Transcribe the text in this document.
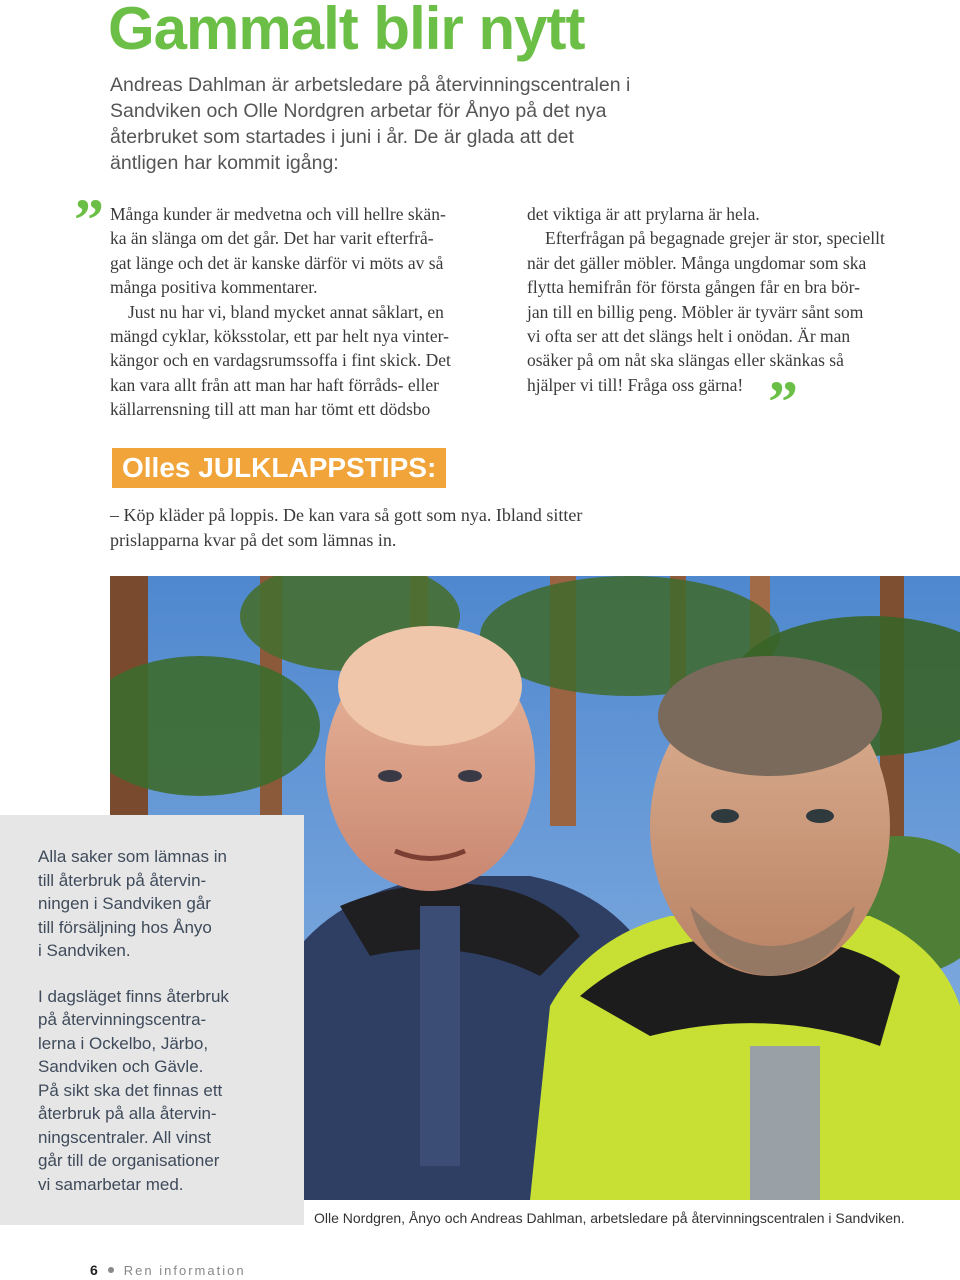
Gammalt blir nytt
Andreas Dahlman är arbetsledare på återvinningscentralen i
Sandviken och Olle Nordgren arbetar för Ånyo på det nya
återbruket som startades i juni i år. De är glada att det
äntligen har kommit igång:
” Många kunder är medvetna och vill hellre skän-
ka än slänga om det går. Det har varit efterfrå-
gat länge och det är kanske därför vi möts av så
många positiva kommentarer.
Just nu har vi, bland mycket annat såklart, en
mängd cyklar, köksstolar, ett par helt nya vinter-
kängor och en vardagsrumssoffa i fint skick. Det
kan vara allt från att man har haft förråds- eller
källarrensning till att man har tömt ett dödsbo
det viktiga är att prylarna är hela.
Efterfrågan på begagnade grejer är stor, speciellt
när det gäller möbler. Många ungdomar som ska
flytta hemifrån för första gången får en bra bör-
jan till en billig peng. Möbler är tyvärr sånt som
vi ofta ser att det slängs helt i onödan. Är man
osäker på om nåt ska slängas eller skänkas så
hjälper vi till! Fråga oss gärna! ”
Olles JULKLAPPSTIPS:
– Köp kläder på loppis. De kan vara så gott som nya. Ibland sitter
prislapparna kvar på det som lämnas in.
Alla saker som lämnas in
till återbruk på återvin-
ningen i Sandviken går
till försäljning hos Ånyo
i Sandviken.
I dagsläget finns återbruk
på återvinningscentra-
lerna i Ockelbo, Järbo,
Sandviken och Gävle.
På sikt ska det finnas ett
återbruk på alla återvin-
ningscentraler. All vinst
går till de organisationer
vi samarbetar med.
Olle Nordgren, Ånyo och Andreas Dahlman, arbetsledare på återvinningscentralen i Sandviken.
6 Ren information
